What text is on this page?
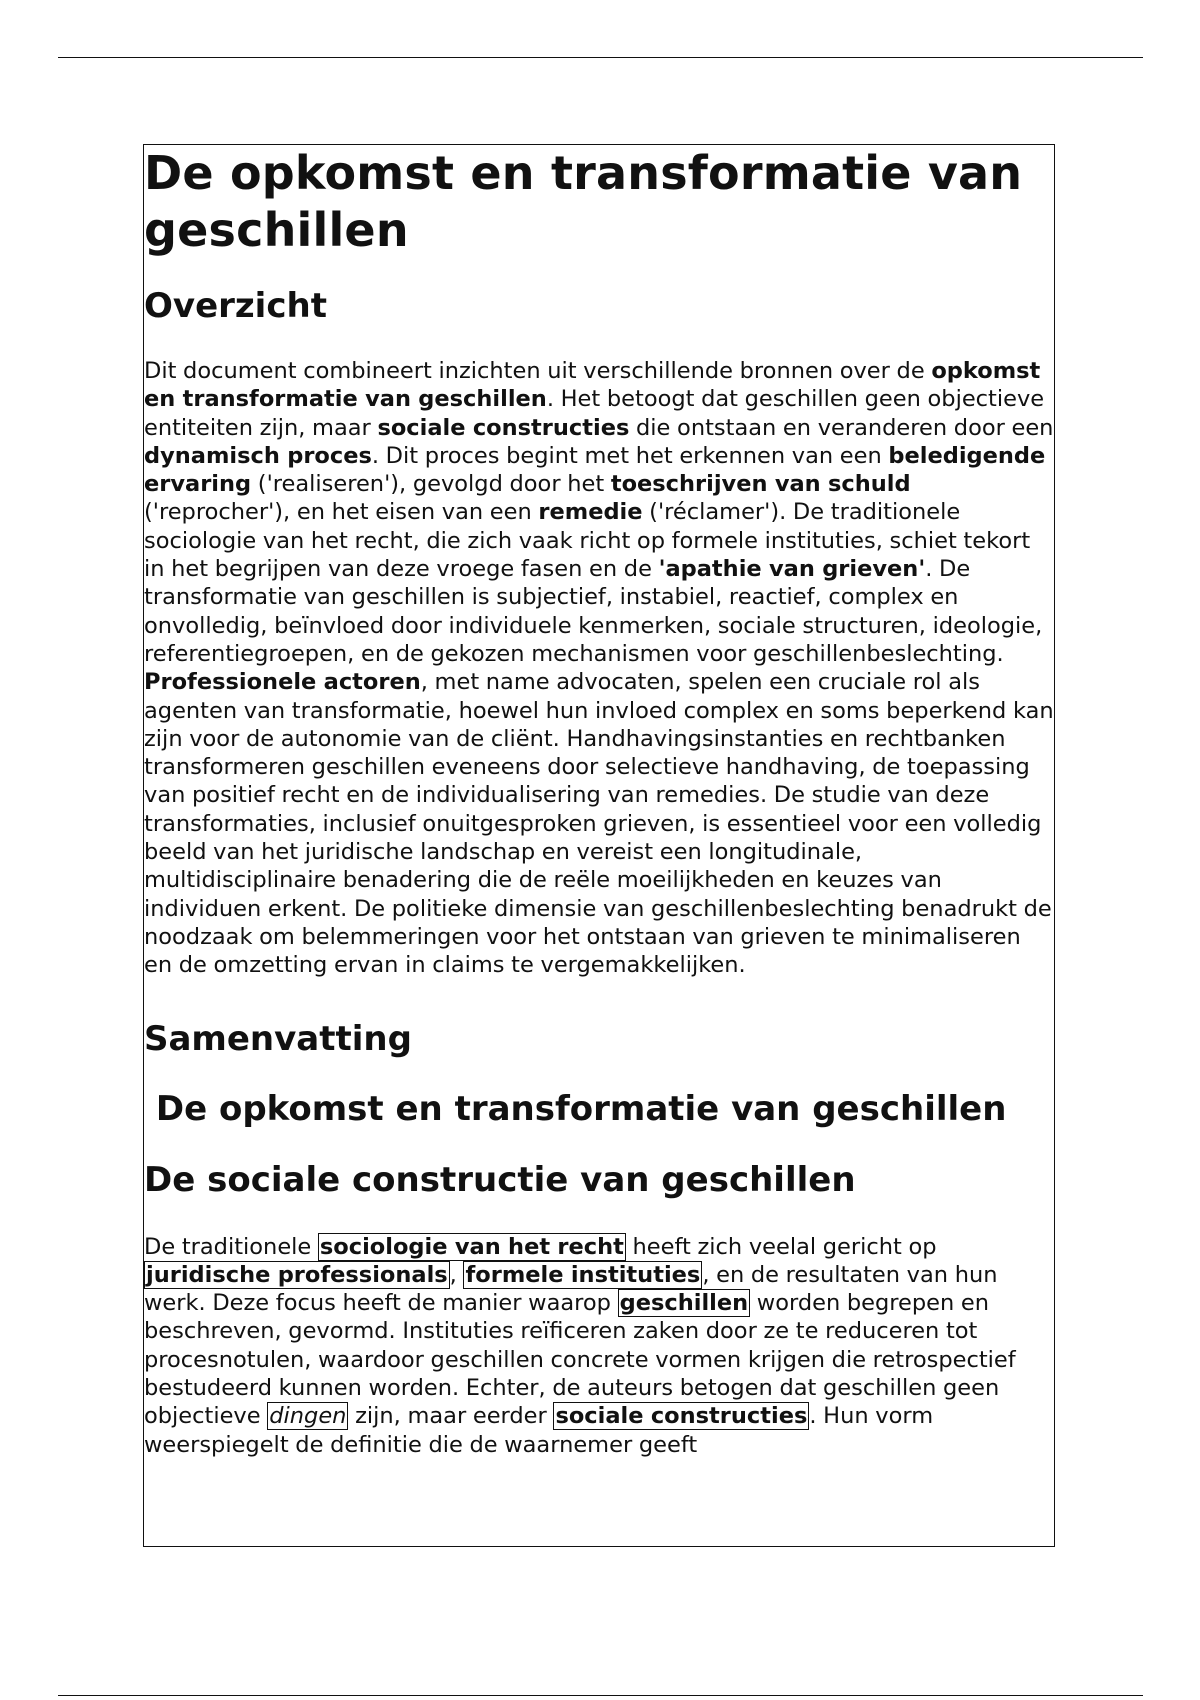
De opkomst en transformatie van geschillen
Overzicht

Dit document combineert inzichten uit verschillende bronnen over de opkomst en transformatie van geschillen. Het betoogt dat geschillen geen objectieve entiteiten zijn, maar sociale constructies die ontstaan en veranderen door een dynamisch proces. Dit proces begint met het erkennen van een beledigende ervaring ('realiseren'), gevolgd door het toeschrijven van schuld ('reprocher'), en het eisen van een remedie ('réclamer'). De traditionele sociologie van het recht, die zich vaak richt op formele instituties, schiet tekort in het begrijpen van deze vroege fasen en de 'apathie van grieven'. De transformatie van geschillen is subjectief, instabiel, reactief, complex en onvolledig, beïnvloed door individuele kenmerken, sociale structuren, ideologie, referentiegroepen, en de gekozen mechanismen voor geschillenbeslechting. Professionele actoren, met name advocaten, spelen een cruciale rol als agenten van transformatie, hoewel hun invloed complex en soms beperkend kan zijn voor de autonomie van de cliënt. Handhavingsinstanties en rechtbanken transformeren geschillen eveneens door selectieve handhaving, de toepassing van positief recht en de individualisering van remedies. De studie van deze transformaties, inclusief onuitgesproken grieven, is essentieel voor een volledig beeld van het juridische landschap en vereist een longitudinale, multidisciplinaire benadering die de reële moeilijkheden en keuzes van individuen erkent. De politieke dimensie van geschillenbeslechting benadrukt de noodzaak om belemmeringen voor het ontstaan van grieven te minimaliseren en de omzetting ervan in claims te vergemakkelijken.

Samenvatting
De opkomst en transformatie van geschillen
De sociale constructie van geschillen

De traditionele sociologie van het recht heeft zich veelal gericht op juridische professionals, formele instituties, en de resultaten van hun werk. Deze focus heeft de manier waarop geschillen worden begrepen en beschreven, gevormd. Instituties reïficeren zaken door ze te reduceren tot procesnotulen, waardoor geschillen concrete vormen krijgen die retrospectief bestudeerd kunnen worden. Echter, de auteurs betogen dat geschillen geen objectieve dingen zijn, maar eerder sociale constructies. Hun vorm weerspiegelt de definitie die de waarnemer geeft
